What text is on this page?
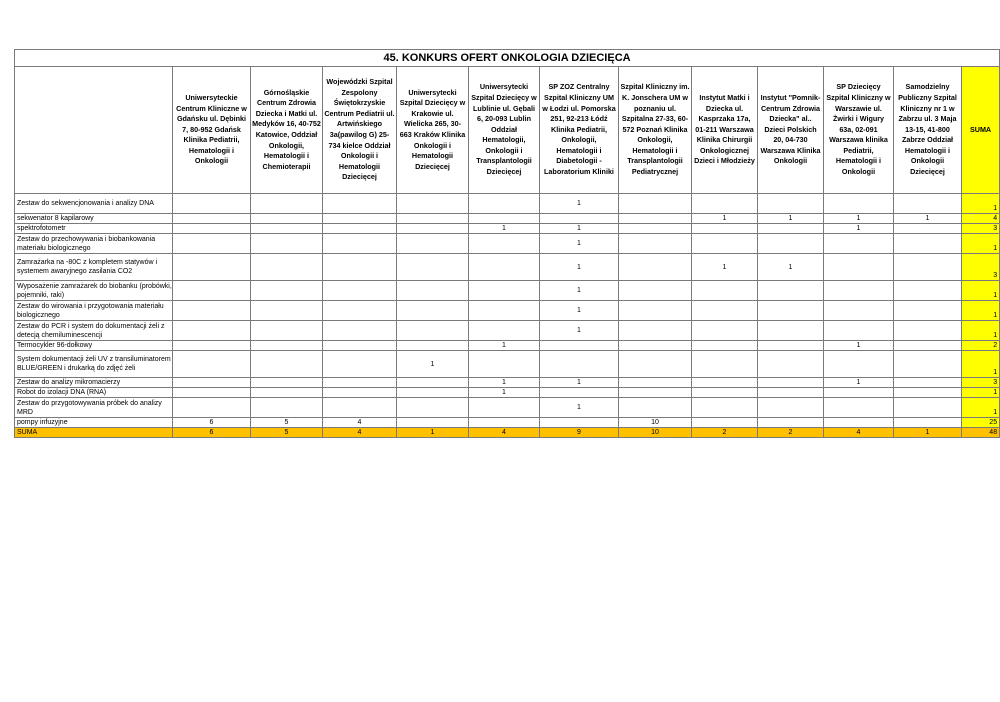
45. KONKURS OFERT ONKOLOGIA DZIECIĘCA												
	Uniwersyteckie Centrum Kliniczne w Gdańsku ul. Dębinki 7, 80-952 Gdańsk Klinika Pediatrii, Hematologii i Onkologii	Górnośląskie Centrum Zdrowia Dziecka i Matki ul. Medyków 16, 40-752 Katowice, Oddział Onkologii, Hematologii i Chemioterapii	Wojewódzki Szpital Zespolony Świętokrzyskie Centrum Pediatrii ul. Artwińskiego 3a(pawilog G) 25-734 kielce Oddział Onkologii i Hematologii Dziecięcej	Uniwersytecki Szpital Dziecięcy w Krakowie ul. Wielicka 265, 30-663 Kraków Klinika Onkologii i Hematologii Dziecięcej	Uniwersytecki Szpital Dziecięcy w Lublinie ul. Gębali 6, 20-093 Lublin Oddział Hematologii, Onkologii i Transplantologii Dziecięcej	SP ZOZ Centralny Szpital Kliniczny UM w Łodzi ul. Pomorska 251, 92-213 Łódź Klinika Pediatrii, Onkologii, Hematologii i Diabetologii - Laboratorium Kliniki	Szpital Kliniczny im. K. Jonschera UM w poznaniu ul. Szpitalna 27-33, 60-572 Poznań Klinika Onkologii, Hematologii i Transplantologii Pediatrycznej	Instytut Matki i Dziecka ul. Kasprzaka 17a, 01-211 Warszawa Klinika Chirurgii Onkologicznej Dzieci i Młodzieży	Instytut "Pomnik-Centrum Zdrowia Dziecka" al.. Dzieci Polskich 20, 04-730 Warszawa Klinika Onkologii	SP Dziecięcy Szpital Kliniczny w Warszawie ul. Żwirki i Wigury 63a, 02-091 Warszawa klinika Pediatrii, Hematologii i Onkologii	Samodzielny Publiczny Szpital Kliniczny nr 1 w Zabrzu ul. 3 Maja 13-15, 41-800 Zabrze Oddział Hematologii i Onkologii Dziecięcej	SUMA
Zestaw do sekwencjonowania i analizy DNA						1						1
sekwenator 8 kapilarowy								1	1	1	1	4
spektrofotometr					1	1				1		3
Zestaw do przechowywania i biobankowania materiału biologicznego						1						1
Zamrażarka na -80C z kompletem statywów i systemem awaryjnego zasilania CO2						1		1	1			3
Wyposażenie zamrażarek do biobanku (probówki, pojemniki, raki)						1						1
Zestaw do wirowania i przygotowania materiału biologicznego						1						1
Zestaw do PCR i system do dokumentacji żeli z detecją chemiluminescencji						1						1
Termocykler 96-dołkowy					1					1		2
System dokumentacji żeli UV z transiluminatorem BLUE/GREEN i drukarką do zdjęć żeli				1								1
Zestaw do analizy mikromacierzy					1	1				1		3
Robot do izolacji DNA (RNA)					1							1
Zestaw do przygotowywania próbek do analizy MRD						1						1
pompy infuzyjne	6	5	4				10					25
SUMA	6	5	4	1	4	9	10	2	2	4	1	48
